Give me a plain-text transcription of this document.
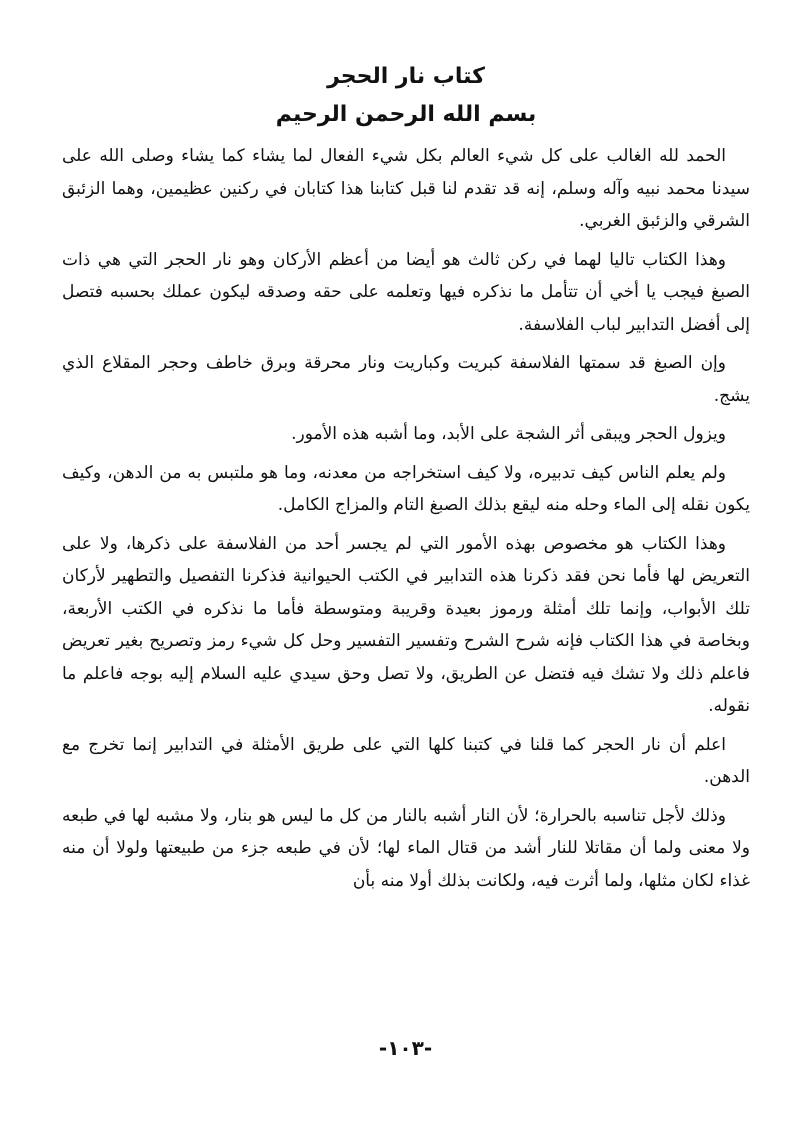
كتاب نار الحجر
بسم الله الرحمن الرحيم

الحمد لله الغالب على كل شيء العالم بكل شيء الفعال لما يشاء كما يشاء وصلى الله على سيدنا محمد نبيه وآله وسلم، إنه قد تقدم لنا قبل كتابنا هذا كتابان في ركنين عظيمين، وهما الزئبق الشرقي والزئبق الغربي.

وهذا الكتاب تاليا لهما في ركن ثالث هو أيضا من أعظم الأركان وهو نار الحجر التي هي ذات الصبغ فيجب يا أخي أن تتأمل ما نذكره فيها وتعلمه على حقه وصدقه ليكون عملك بحسبه فتصل إلى أفضل التدابير لباب الفلاسفة.

وإن الصبغ قد سمتها الفلاسفة كبريت وكباريت ونار محرقة وبرق خاطف وحجر المقلاع الذي يشج.

ويزول الحجر ويبقى أثر الشجة على الأبد، وما أشبه هذه الأمور.

ولم يعلم الناس كيف تدبيره، ولا كيف استخراجه من معدنه، وما هو ملتبس به من الدهن، وكيف يكون نقله إلى الماء وحله منه ليقع بذلك الصبغ التام والمزاج الكامل.

وهذا الكتاب هو مخصوص بهذه الأمور التي لم يجسر أحد من الفلاسفة على ذكرها، ولا على التعريض لها فأما نحن فقد ذكرنا هذه التدابير في الكتب الحيوانية فذكرنا التفصيل والتطهير لأركان تلك الأبواب، وإنما تلك أمثلة ورموز بعيدة وقريبة ومتوسطة فأما ما نذكره في الكتب الأربعة، وبخاصة في هذا الكتاب فإنه شرح الشرح وتفسير التفسير وحل كل شيء رمز وتصريح بغير تعريض فاعلم ذلك ولا تشك فيه فتضل عن الطريق، ولا تصل وحق سيدي عليه السلام إليه بوجه فاعلم ما نقوله.

اعلم أن نار الحجر كما قلنا في كتبنا كلها التي على طريق الأمثلة في التدابير إنما تخرج مع الدهن.

وذلك لأجل تناسبه بالحرارة؛ لأن النار أشبه بالنار من كل ما ليس هو بنار، ولا مشبه لها في طبعه ولا معنى ولما أن مقاتلا للنار أشد من قتال الماء لها؛ لأن في طبعه جزء من طبيعتها ولولا أن منه غذاء لكان مثلها، ولما أثرت فيه، ولكانت بذلك أولا منه بأن

-١٠٣-
